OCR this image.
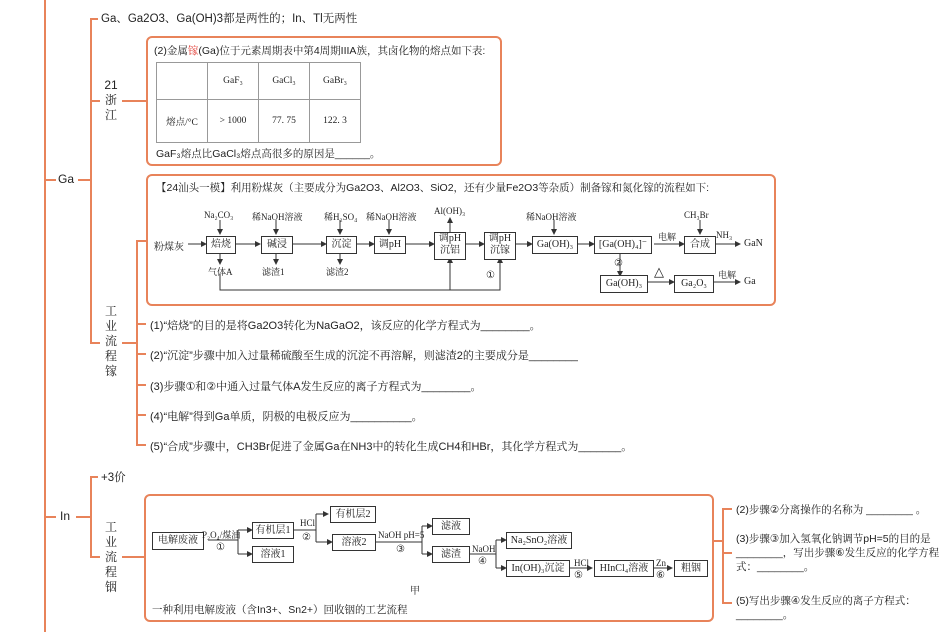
Ga
Ga、Ga2O3、Ga(OH)3都是两性的；In、Tl无两性
21
浙
江
工
业
流
程
镓
In
+3价
工
业
流
程
铟
(2)金属镓(Ga)位于元素周期表中第4周期IIIA族，其卤化物的熔点如下表:
	GaF₃	GaCl₃	GaBr₃
熔点/°C	> 1000	77. 75	122. 3
GaF₃熔点比GaCl₃熔点高很多的原因是______。
【24汕头一模】利用粉煤灰（主要成分为Ga2O3、Al2O3、SiO2，还有少量Fe2O3等杂质）制备镓和氮化镓的流程如下:
粉煤灰	焙烧
Na₂CO₃
气体A
碱浸
稀NaOH溶液
滤渣1
沉淀
稀H₂SO₄
滤渣2
调pH
稀NaOH溶液
调pH
沉铝
Al(OH)₃
调pH
沉镓
①
Ga(OH)₃
稀NaOH溶液
[Ga(OH)₄]⁻
②
电解
合成
CH₃Br
NH₃
GaN
Ga(OH)₃
△
Ga₂O₃	Ga
电解
(1)“焙烧”的目的是将Ga2O3转化为NaGaO2，该反应的化学方程式为________。
(2)“沉淀”步骤中加入过量稀硫酸至生成的沉淀不再溶解，则滤渣2的主要成分是________
(3)步骤①和②中通入过量气体A发生反应的离子方程式为________。
(4)“电解”得到Ga单质，阴极的电极反应为__________。
(5)“合成”步骤中，CH3Br促进了金属Ga在NH3中的转化生成CH4和HBr，其化学方程式为_______。
电解废液 P₂O₄/煤油
①
有机层1
溶液1
HCl
②
有机层2
溶液2
NaOH pH=5
③
滤液
滤渣	NaOH
④
Na₂SnO₂溶液
In(OH)₃沉淀	HCl
⑤
HInCl₄溶液 Zn
⑥
粗铟
甲
一种利用电解废液（含In3+、Sn2+）回收铟的工艺流程
(2)步骤②分离操作的名称为 ________ 。
(3)步骤③加入氢氧化钠调节pH=5的目的是________，写出步骤⑥发生反应的化学方程式：________。
(5)写出步骤④发生反应的离子方程式：________。
